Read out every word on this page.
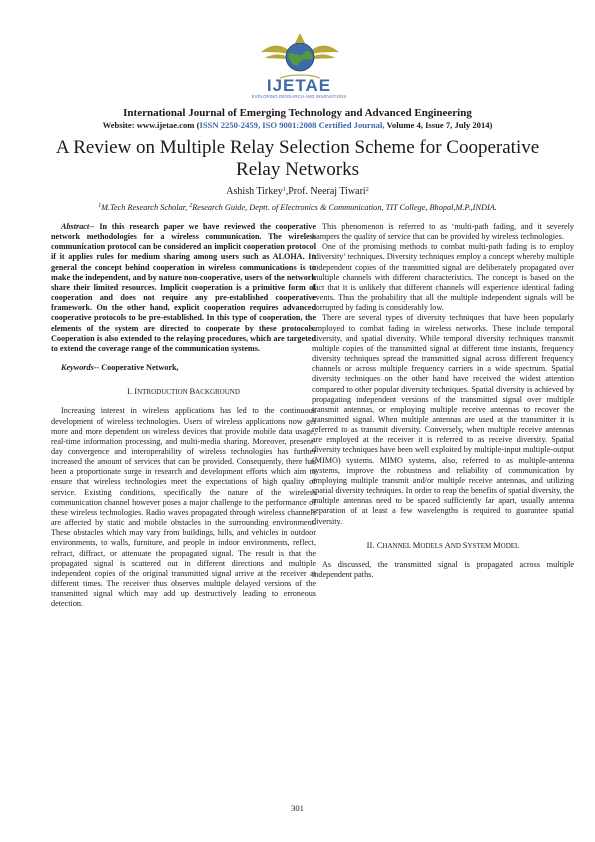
IJETAE
EXPLORING RESEARCH AND INNOVATIONS
International Journal of Emerging Technology and Advanced Engineering
Website: www.ijetae.com (ISSN 2250-2459, ISO 9001:2008 Certified Journal, Volume 4, Issue 7, July 2014)
A Review on Multiple Relay Selection Scheme for Cooperative Relay Networks
Ashish Tirkey$^1$,Prof. Neeraj Tiwari$^2$
$^1$M.Tech Research Scholar, $^2$Research Guide, Deptt. of Electronics & Communication, TIT College, Bhopal,M.P.,INDIA.

Abstract-- In this research paper we have reviewed the cooperative network methodologies for a wireless communication. The wireless communication protocol can be considered an implicit cooperation protocol if it applies rules for medium sharing among users such as ALOHA. In general the concept behind cooperation in wireless communications is to make the independent, and by nature non-cooperative, users of the network share their limited resources. Implicit cooperation is a primitive form of cooperation and does not require any pre-established cooperative framework. On the other hand, explicit cooperation requires advanced cooperative protocols to be pre-established. In this type of cooperation, the elements of the system are directed to cooperate by these protocols. Cooperation is also extended to the relaying procedures, which are targeted to extend the coverage range of the communication systems.

Keywords-- Cooperative Network,

I. INTRODUCTION BACKGROUND

Increasing interest in wireless applications has led to the continuous development of wireless technologies. Users of wireless applications now get more and more dependent on wireless devices that provide mobile data usage, real-time information processing, and multi-media sharing. Moreover, present-day convergence and interoperability of wireless technologies has further increased the amount of services that can be provided. Consequently, there has been a proportionate surge in research and development efforts which aim to ensure that wireless technologies meet the expectations of high quality of service. Existing conditions, specifically the nature of the wireless communication channel however poses a major challenge to the performance of these wireless technologies. Radio waves propagated through wireless channels are affected by static and mobile obstacles in the surrounding environment. These obstacles which may vary from buildings, hills, and vehicles in outdoor environments, to walls, furniture, and people in indoor environments, reflect, refract, diffract, or attenuate the propagated signal. The result is that the propagated signal is scattered out in different directions and multiple independent copies of the original transmitted signal arrive at the receiver at different times. The receiver thus observes multiple delayed versions of the transmitted signal which may add up destructively leading to erroneous detection.

This phenomenon is referred to as ‘multi-path fading, and it severely hampers the quality of service that can be provided by wireless technologies.

One of the promising methods to combat multi-path fading is to employ ‘diversity’ techniques. Diversity techniques employ a concept whereby multiple independent copies of the transmitted signal are deliberately propagated over multiple channels with different characteristics. The concept is based on the fact that it is unlikely that different channels will experience identical fading events. Thus the probability that all the multiple independent signals will be corrupted by fading is considerably low.

There are several types of diversity techniques that have been popularly employed to combat fading in wireless networks. These include temporal diversity, and spatial diversity. While temporal diversity techniques transmit multiple copies of the transmitted signal at different time instants, frequency diversity techniques spread the transmitted signal across different frequency channels or across multiple frequency carriers in a wide spectrum. Spatial diversity techniques on the other hand have received the widest attention compared to other popular diversity techniques. Spatial diversity is achieved by propagating independent versions of the transmitted signal over multiple transmit antennas, or employing multiple receive antennas to recover the transmitted signal. When multiple antennas are used at the transmitter it is referred to as transmit diversity. Conversely, when multiple receive antennas are employed at the receiver it is referred to as receive diversity. Spatial diversity techniques have been well exploited by multiple-input multiple-output (MIMO) systems. MIMO systems, also, referred to as multiple-antenna systems, improve the robustness and reliability of communication by employing multiple transmit and/or multiple receive antennas, and utilizing spatial diversity techniques. In order to reap the benefits of spatial diversity, the multiple antennas need to be spaced sufficiently far apart, usually antenna separation of at least a few wavelengths is required to guarantee spatial diversity.

II. CHANNEL MODELS AND SYSTEM MODEL

As discussed, the transmitted signal is propagated across multiple independent paths.

301
